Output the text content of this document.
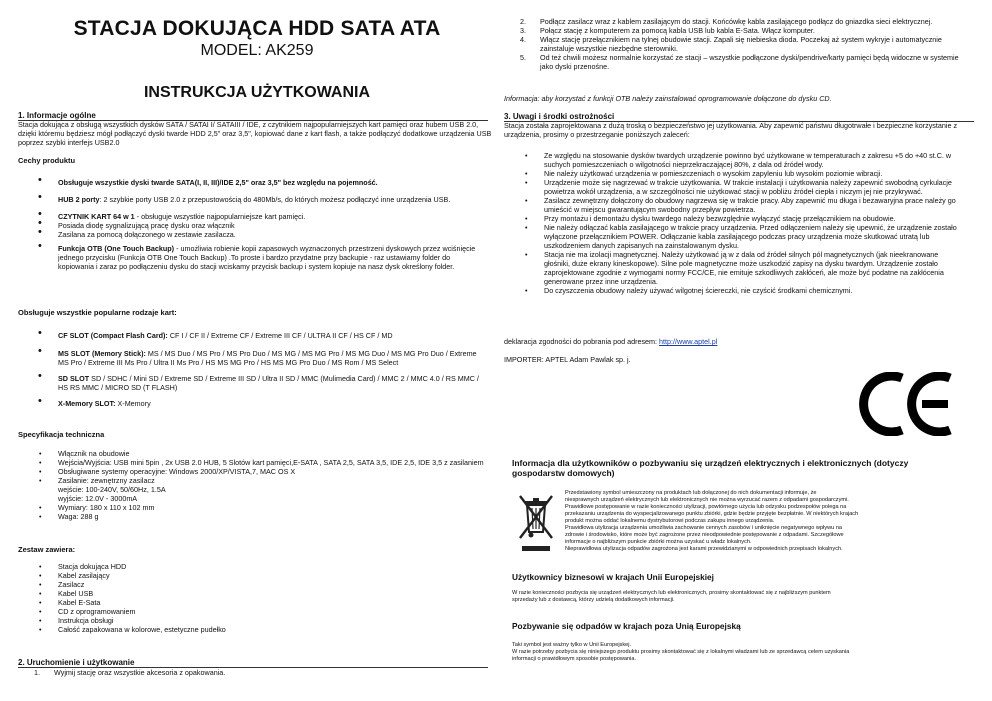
STACJA DOKUJĄCA HDD SATA ATA
MODEL: AK259
INSTRUKCJA UŻYTKOWANIA
1. Informacje ogólne
Stacja dokująca z obsługą wszystkich dysków SATA / SATAI I/ SATAIII / IDE, z czytnikiem najpopularniejszych kart pamięci oraz hubem USB 2.0, dzięki któremu będziesz mógł podłączyć dyski twarde HDD 2,5" oraz 3,5", kopiować dane z kart flash, a także podłączyć dodatkowe urządzenia USB poprzez szybki interfejs USB2.0
Cechy produktu
• Obsługuje wszystkie dyski twarde SATA(I, II, III)/IDE 2,5" oraz 3,5" bez względu na pojemność.
• HUB 2 porty: 2 szybkie porty USB 2.0 z przepustowością do 480Mb/s, do których możesz podłączyć inne urządzenia USB.
• CZYTNIK KART 64 w 1 - obsługuje wszystkie najpopularniejsze kart pamięci.
• Posiada diodę sygnalizującą pracę dysku oraz włącznik
• Zasilana za pomocą dołączonego w zestawie zasilacza.
• Funkcja OTB (One Touch Backup) - umożliwia robienie kopii zapasowych wyznaczonych przestrzeni dyskowych przez wciśnięcie jednego przycisku (Funkcja OTB One Touch Backup) .To proste i bardzo przydatne przy backupie - raz ustawiamy folder do kopiowania i zaraz po podłączeniu dysku do stacji wciskamy przycisk backup i system kopiuje na nasz dysk określony folder.
Obsługuje wszystkie popularne rodzaje kart:
• CF SLOT (Compact Flash Card): CF I / CF II / Extreme CF / Extreme III CF / ULTRA II CF / HS CF / MD
• MS SLOT (Memory Stick): MS / MS Duo / MS Pro / MS Pro Duo / MS MG / MS MG Pro / MS MG Duo / MS MG Pro Duo / Extreme MS Pro / Extreme III Ms Pro / Ultra II Ms Pro / HS MS MG Pro / HS MS MG Pro Duo / MS Rom / MS Select
• SD SLOT SD / SDHC / Mini SD / Extreme SD / Extreme III SD / Ultra II SD / MMC (Mulimedia Card) / MMC 2 / MMC 4.0 / RS MMC / HS RS MMC / MICRO SD (T FLASH)
• X-Memory SLOT: X-Memory
Specyfikacja techniczna
• Włącznik na obudowie
• Wejścia/Wyjścia: USB mini 5pin , 2x USB 2.0 HUB, 5 Slotów kart pamięci,E-SATA , SATA 2,5, SATA 3,5, IDE 2,5, IDE 3,5 z zasilaniem
• Obsługiwane systemy operacyjne: Windows 2000/XP/VISTA,7, MAC OS X
• Zasilanie: zewnętrzny zasilacz
wejście: 100-240V, 50/60Hz, 1.5A
wyjście: 12.0V - 3000mA
• Wymiary: 180 x 110 x 102 mm
• Waga: 288 g
Zestaw zawiera:
• Stacja dokująca HDD
• Kabel zasilający
• Zasilacz
• Kabel USB
• Kabel E-Sata
• CD z oprogramowaniem
• Instrukcja obsługi
• Całość zapakowana w kolorowe, estetyczne pudełko
2. Uruchomienie i użytkowanie
1. Wyjmij stację oraz wszystkie akcesoria z opakowania.
2. Podłącz zasilacz wraz z kablem zasilającym do stacji. Końcówkę kabla zasilającego podłącz do gniazdka sieci elektrycznej.
3. Połącz stację z komputerem za pomocą kabla USB lub kabla E-Sata. Włącz komputer.
4. Włącz stację przełącznikiem na tylnej obudowie stacji. Zapali się niebieska dioda. Poczekaj aż system wykryje i automatycznie zainstaluje wszystkie niezbędne sterowniki.
5. Od też chwili możesz normalnie korzystać ze stacji – wszystkie podłączone dyski/pendrive/karty pamięci będą widoczne w systemie jako dyski przenośne.
Informacja: aby korzystać z funkcji OTB należy zainstalować oprogramowanie dołączone do dysku CD.
3. Uwagi i środki ostrożności
Stacja została zaprojektowana z dużą troską o bezpieczeństwo jej użytkowania. Aby zapewnić państwu długotrwałe i bezpieczne korzystanie z urządzenia, prosimy o przestrzeganie poniższych zaleceń:
• Ze względu na stosowanie dysków twardych urządzenie powinno być użytkowane w temperaturach z zakresu +5 do +40 st.C. w suchych pomieszczeniach o wilgotności nieprzekraczającej 80%, z dala od źródeł wody.
• Nie należy użytkować urządzenia w pomieszczeniach o wysokim zapyleniu lub wysokim poziomie wibracji.
• Urządzenie może się nagrzewać w trakcie użytkowania. W trakcie instalacji i użytkowania należy zapewnić swobodną cyrkulacje powietrza wokół urządzenia, a w szczególności nie użytkować stacji w pobliżu źródeł ciepła i niczym jej nie przykrywać.
• Zasilacz zewnętrzny dołączony do obudowy nagrzewa się w trakcie pracy. Aby zapewnić mu długa i bezawaryjna prace należy go umieścić w miejscu gwarantującym swobodny przepływ powietrza.
• Przy montażu i demontażu dysku twardego należy bezwzględnie wyłączyć stację przełącznikiem na obudowie.
• Nie należy odłączać kabla zasilającego w trakcie pracy urządzenia. Przed odłączeniem należy się upewnić, że urządzenie zostało wyłączone przełącznikiem POWER. Odłączanie kabla zasilającego podczas pracy urządzenia może skutkować utratą lub uszkodzeniem danych zapisanych na zainstalowanym dysku.
• Stacja nie ma izolacji magnetycznej. Należy użytkować ją w z dala od źródeł silnych pól magnetycznych (jak nieekranowane głośniki, duże ekrany kineskopowe). Silne pole magnetyczne może uszkodzić zapisy na dysku twardym. Urządzenie zostało zaprojektowane zgodnie z wymogami normy FCC/CE, nie emituje szkodliwych zakłóceń, ale może być podatne na zakłócenia generowane przez inne urządzenia.
• Do czyszczenia obudowy należy używać wilgotnej ściereczki, nie czyścić środkami chemicznymi.
deklaracja zgodności do pobrania pod adresem: http://www.aptel.pl
IMPORTER: APTEL Adam Pawlak sp. j.
Informacja dla użytkowników o pozbywaniu się urządzeń elektrycznych i elektronicznych (dotyczy gospodarstw domowych)
Przedstawiony symbol umieszczony na produktach lub dołączonej do nich dokumentacji informuje, że
niesprawnych urządzeń elektrycznych lub elektronicznych nie można wyrzucać razem z odpadami gospodarczymi.
Prawidłowe postępowanie w razie konieczności utylizacji, powtórnego użycia lub odzysku podzespołów polega na
przekazaniu urządzenia do wyspecjalizowanego punktu zbiórki, gdzie będzie przyjęte bezpłatnie. W niektórych krajach
produkt można oddać lokalnemu dystrybutorowi podczas zakupu innego urządzenia.
Prawidłowa utylizacja urządzenia umożliwia zachowanie cennych zasobów i uniknięcie negatywnego wpływu na
zdrowie i środowisko, które może być zagrożone przez nieodpowiednie postępowanie z odpadami. Szczegółowe
informacje o najbliższym punkcie zbiórki można uzyskać u władz lokalnych.
Nieprawidłowa utylizacja odpadów zagrożona jest karami przewidzianymi w odpowiednich przepisach lokalnych.
Użytkownicy biznesowi w krajach Unii Europejskiej
W razie konieczności pozbycia się urządzeń elektrycznych lub elektronicznych, prosimy skontaktować się z najbliższym punktem
sprzedaży lub z dostawcą, którzy udzielą dodatkowych informacji.
Pozbywanie się odpadów w krajach poza Unią Europejską
Taki symbol jest ważny tylko w Unii Europejskej.
W razie potrzeby pozbycia się niniejszego produktu prosimy skontaktować się z lokalnymi władzami lub ze sprzedawcą celem uzyskania
informacji o prawidłowym sposobie postępowania.
